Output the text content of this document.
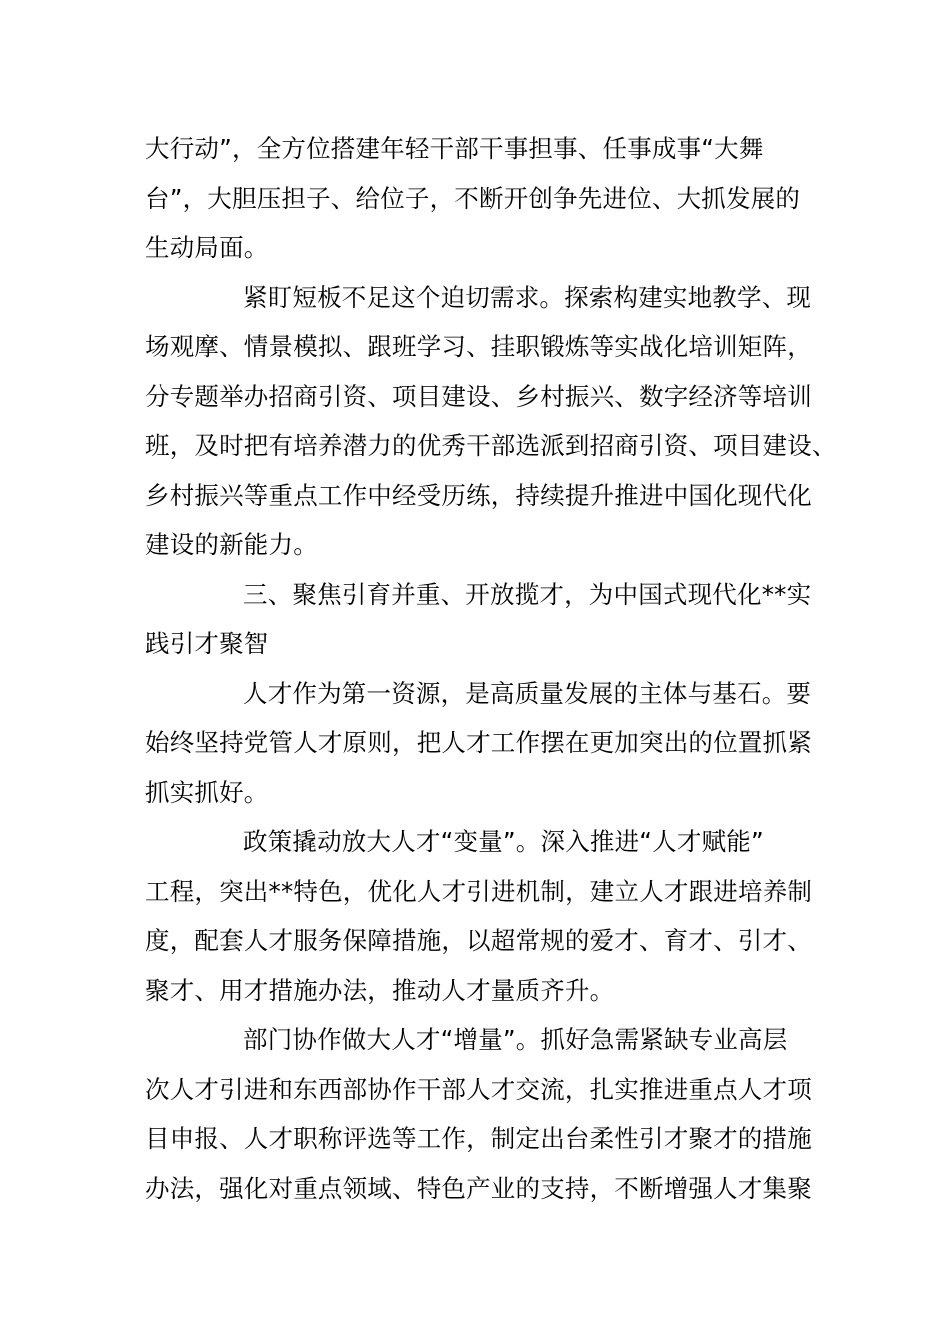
大行动”，全方位搭建年轻干部干事担事、任事成事“大舞
台”，大胆压担子、给位子，不断开创争先进位、大抓发展的
生动局面。

紧盯短板不足这个迫切需求。探索构建实地教学、现
场观摩、情景模拟、跟班学习、挂职锻炼等实战化培训矩阵，
分专题举办招商引资、项目建设、乡村振兴、数字经济等培训
班，及时把有培养潜力的优秀干部选派到招商引资、项目建设、
乡村振兴等重点工作中经受历练，持续提升推进中国化现代化
建设的新能力。

三、聚焦引育并重、开放揽才，为中国式现代化**实
践引才聚智

人才作为第一资源，是高质量发展的主体与基石。要
始终坚持党管人才原则，把人才工作摆在更加突出的位置抓紧
抓实抓好。

政策撬动放大人才“变量”。深入推进“人才赋能”
工程，突出**特色，优化人才引进机制，建立人才跟进培养制
度，配套人才服务保障措施，以超常规的爱才、育才、引才、
聚才、用才措施办法，推动人才量质齐升。

部门协作做大人才“增量”。抓好急需紧缺专业高层
次人才引进和东西部协作干部人才交流，扎实推进重点人才项
目申报、人才职称评选等工作，制定出台柔性引才聚才的措施
办法，强化对重点领域、特色产业的支持，不断增强人才集聚
